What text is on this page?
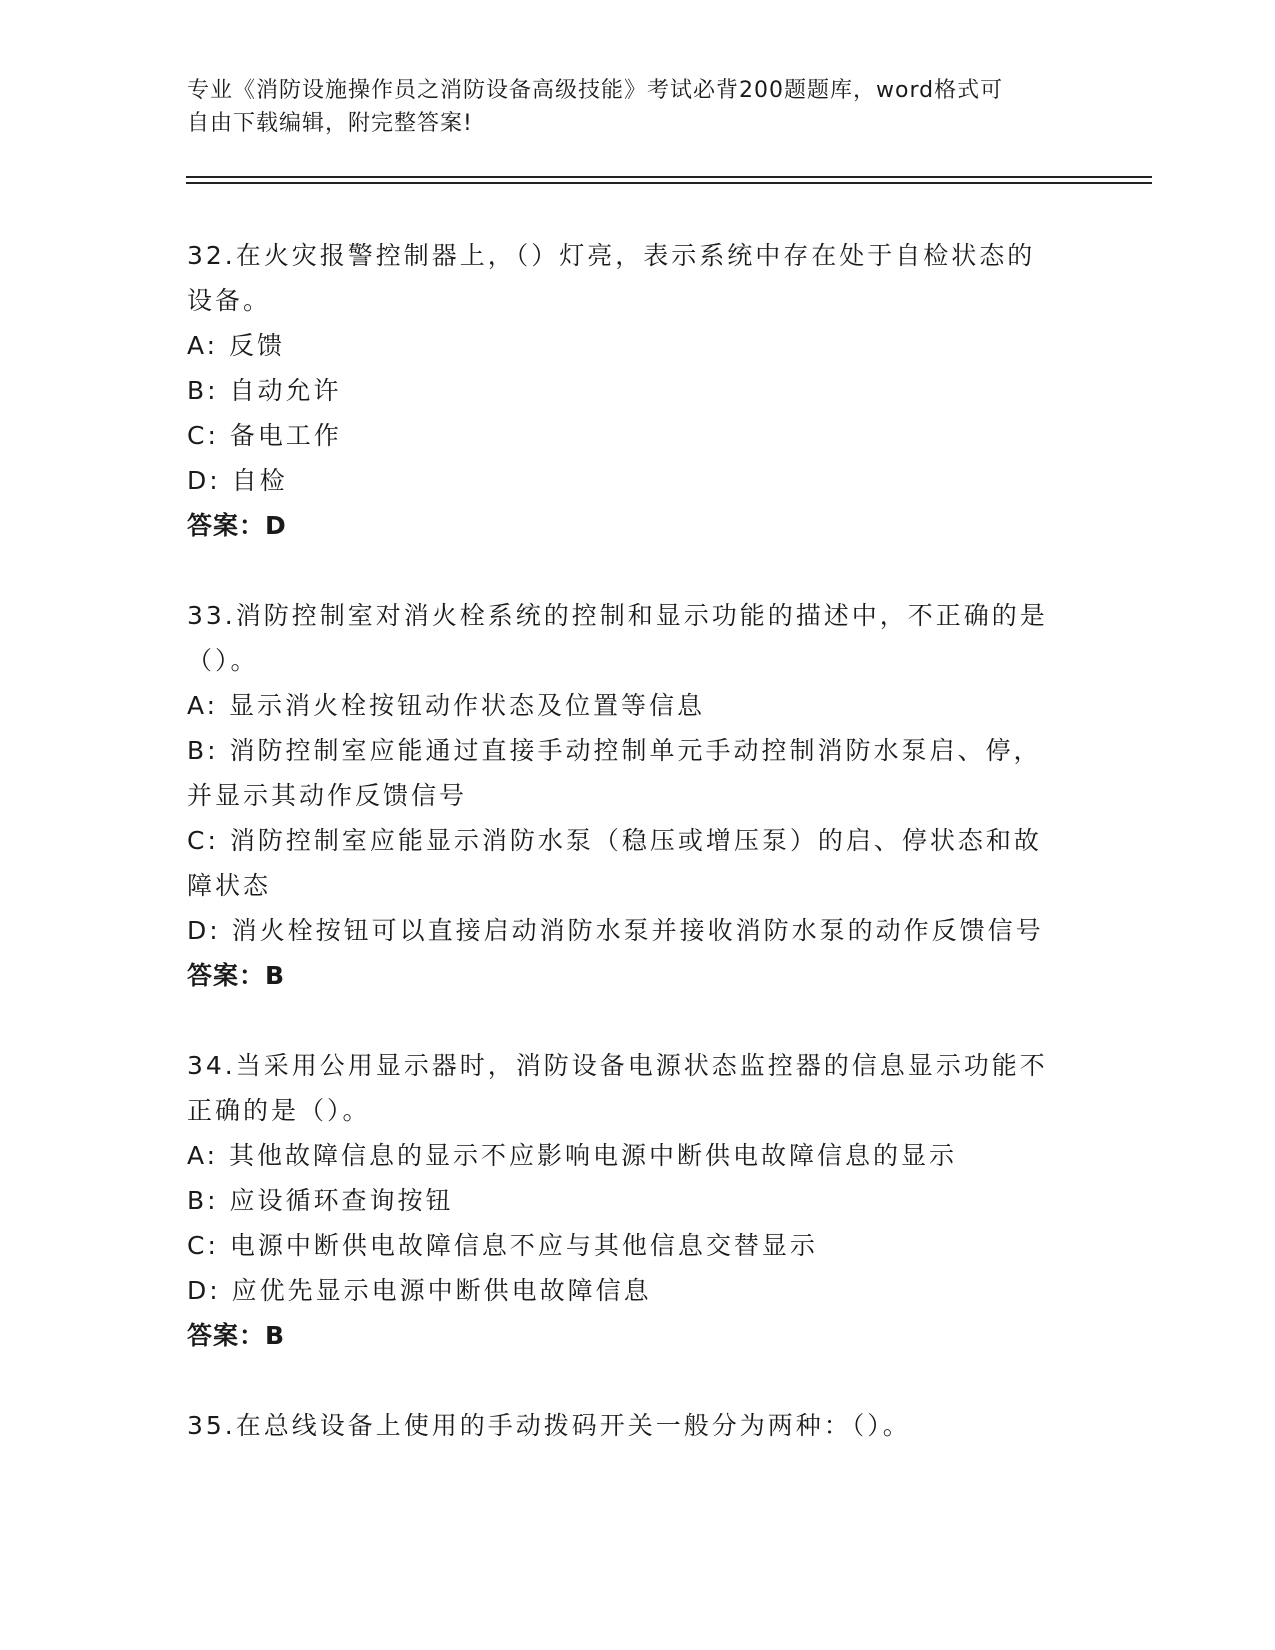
专业《消防设施操作员之消防设备高级技能》考试必背200题题库，word格式可
自由下载编辑，附完整答案!
32.在火灾报警控制器上，（）灯亮，表示系统中存在处于自检状态的
设备。
A: 反馈
B: 自动允许
C: 备电工作
D: 自检
答案：D
33.消防控制室对消火栓系统的控制和显示功能的描述中，不正确的是
（）。
A: 显示消火栓按钮动作状态及位置等信息
B: 消防控制室应能通过直接手动控制单元手动控制消防水泵启、停，
并显示其动作反馈信号
C: 消防控制室应能显示消防水泵（稳压或增压泵）的启、停状态和故
障状态
D: 消火栓按钮可以直接启动消防水泵并接收消防水泵的动作反馈信号
答案：B
34.当采用公用显示器时，消防设备电源状态监控器的信息显示功能不
正确的是（）。
A: 其他故障信息的显示不应影响电源中断供电故障信息的显示
B: 应设循环查询按钮
C: 电源中断供电故障信息不应与其他信息交替显示
D: 应优先显示电源中断供电故障信息
答案：B
35.在总线设备上使用的手动拨码开关一般分为两种：（）。
